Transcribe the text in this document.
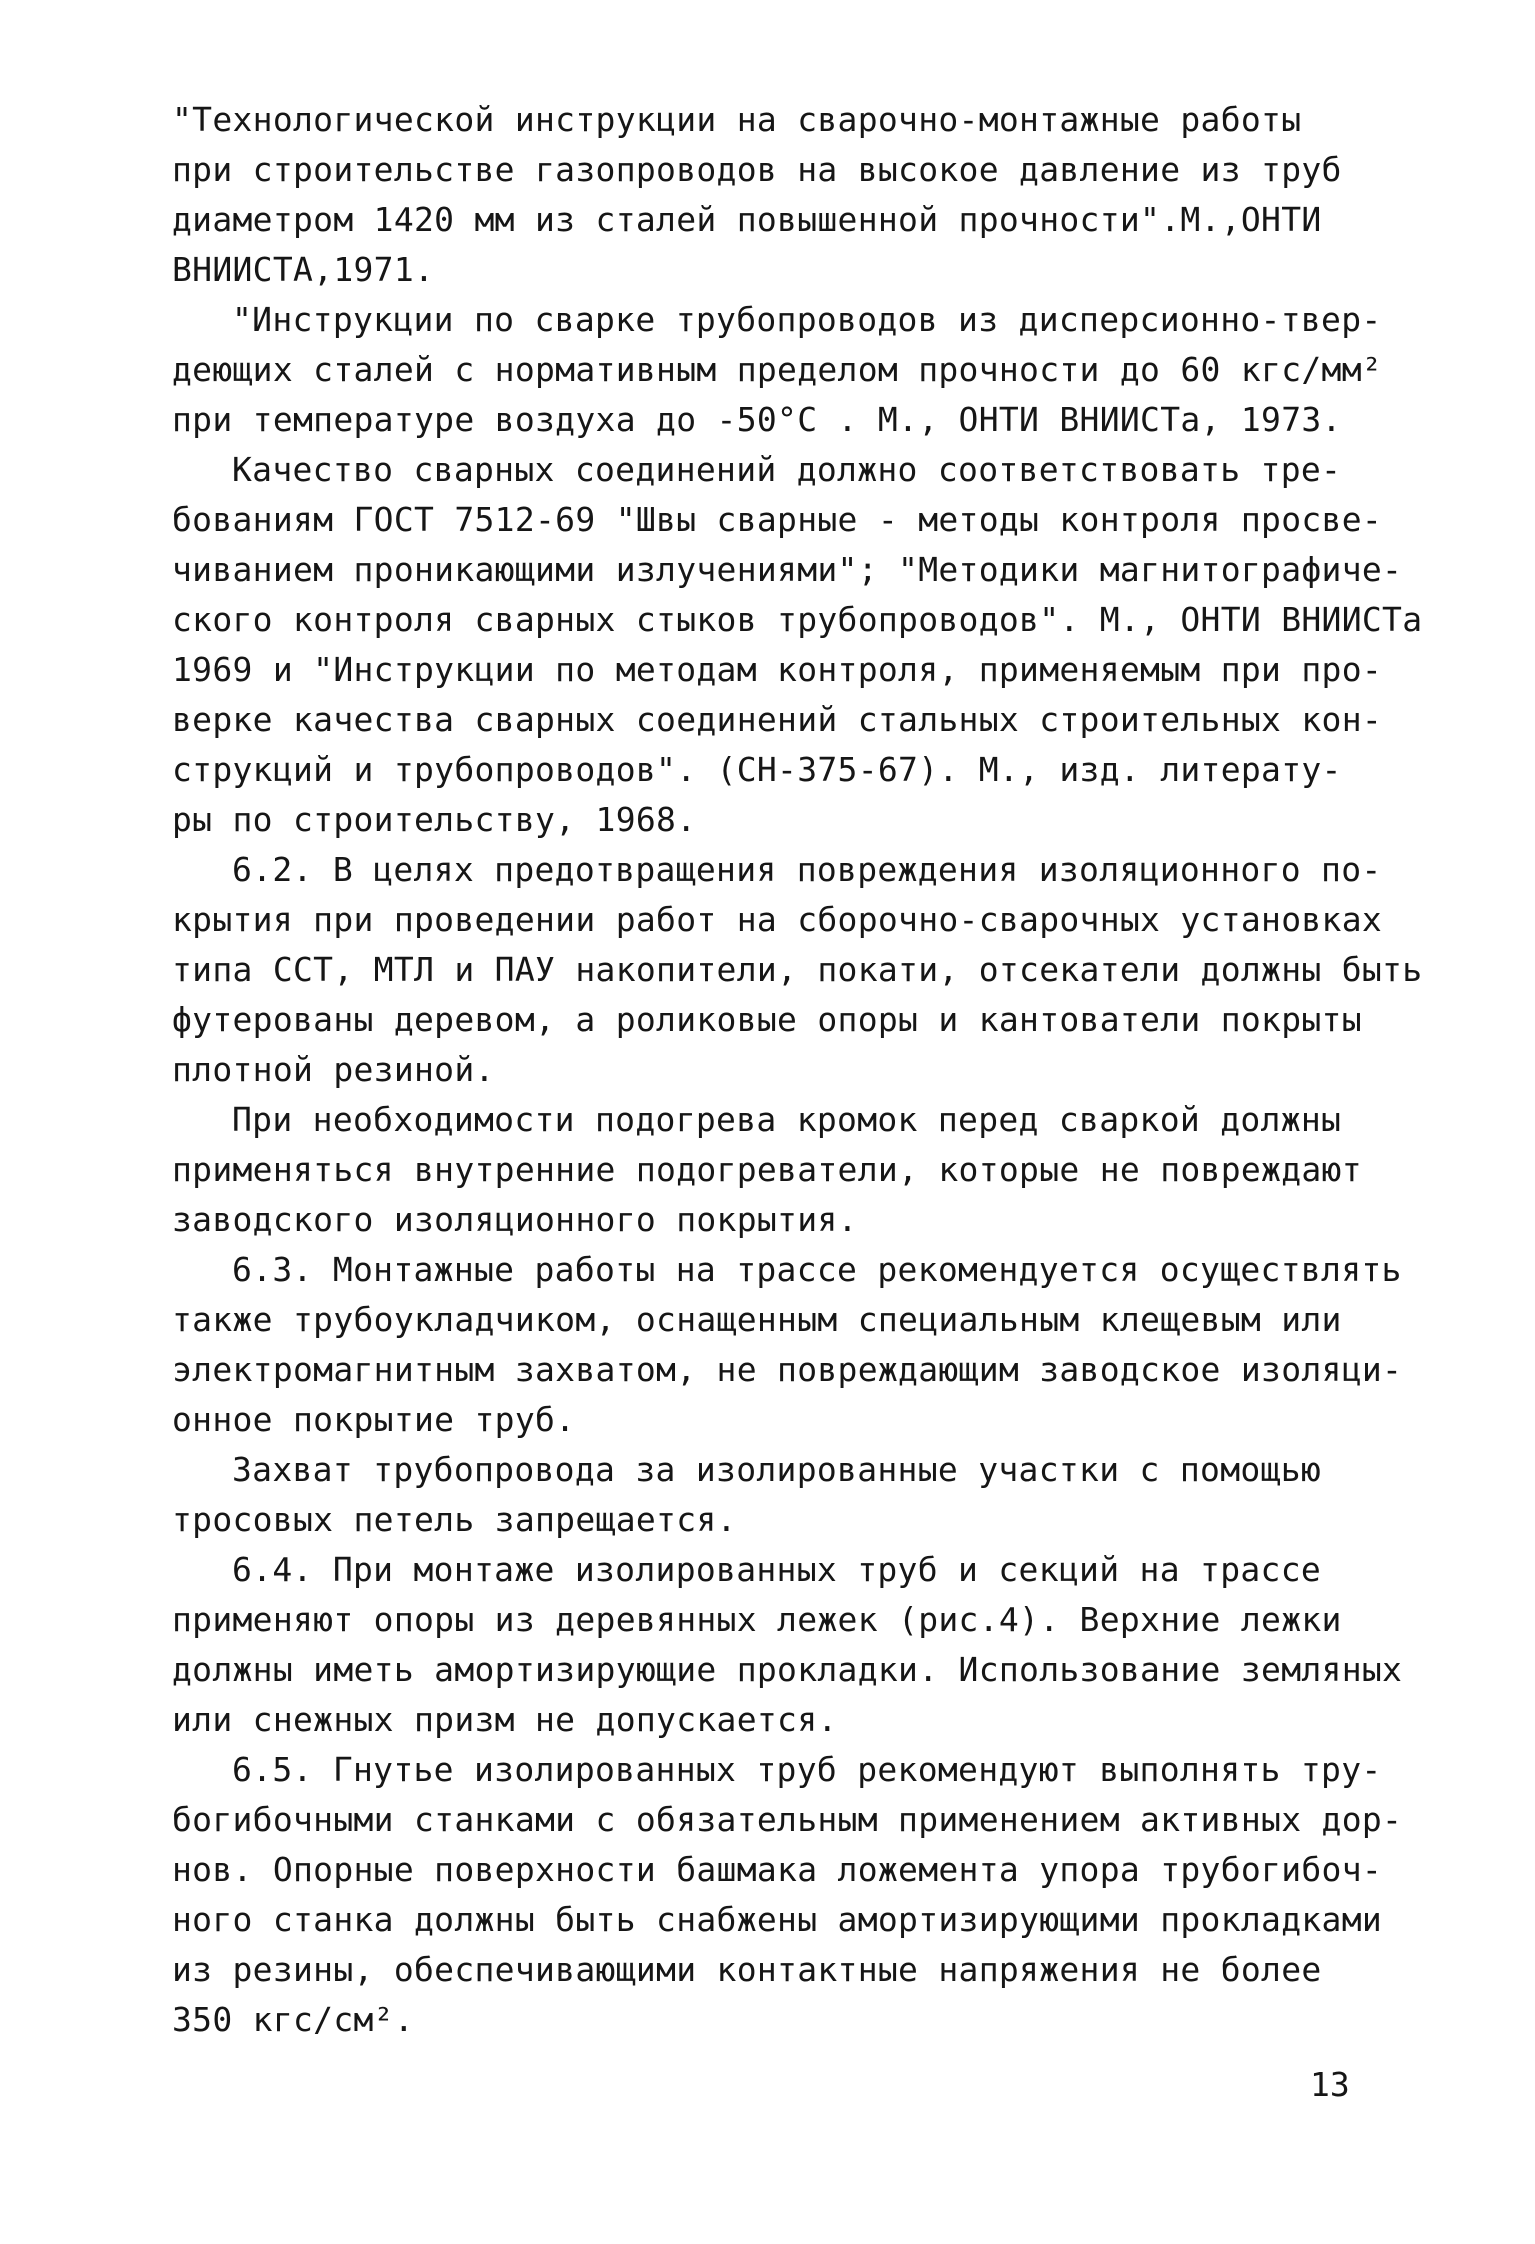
"Технологической инструкции на сварочно-монтажные работы
при строительстве газопроводов на высокое давление из труб
диаметром 1420 мм из сталей повышенной прочности".М.,ОНТИ
ВНИИСТА,1971.
"Инструкции по сварке трубопроводов из дисперсионно-твер-
деющих сталей с нормативным пределом прочности до 60 кгс/мм²
при температуре воздуха до -50°С . М., ОНТИ ВНИИСТа, 1973.
Качество сварных соединений должно соответствовать тре-
бованиям ГОСТ 7512-69 "Швы сварные - методы контроля просве-
чиванием проникающими излучениями"; "Методики магнитографиче-
ского контроля сварных стыков трубопроводов". М., ОНТИ ВНИИСТа
1969 и "Инструкции по методам контроля, применяемым при про-
верке качества сварных соединений стальных строительных кон-
струкций и трубопроводов". (СН-375-67). М., изд. литерату-
ры по строительству, 1968.
6.2. В целях предотвращения повреждения изоляционного по-
крытия при проведении работ на сборочно-сварочных установках
типа ССТ, МТЛ и ПАУ накопители, покати, отсекатели должны быть
футерованы деревом, а роликовые опоры и кантователи покрыты
плотной резиной.
При необходимости подогрева кромок перед сваркой должны
применяться внутренние подогреватели, которые не повреждают
заводского изоляционного покрытия.
6.3. Монтажные работы на трассе рекомендуется осуществлять
также трубоукладчиком, оснащенным специальным клещевым или
электромагнитным захватом, не повреждающим заводское изоляци-
онное покрытие труб.
Захват трубопровода за изолированные участки с помощью
тросовых петель запрещается.
6.4. При монтаже изолированных труб и секций на трассе
применяют опоры из деревянных лежек (рис.4). Верхние лежки
должны иметь амортизирующие прокладки. Использование земляных
или снежных призм не допускается.
6.5. Гнутье изолированных труб рекомендуют выполнять тру-
богибочными станками с обязательным применением активных дор-
нов. Опорные поверхности башмака ложемента упора трубогибоч-
ного станка должны быть снабжены амортизирующими прокладками
из резины, обеспечивающими контактные напряжения не более
350 кгс/см².
13
